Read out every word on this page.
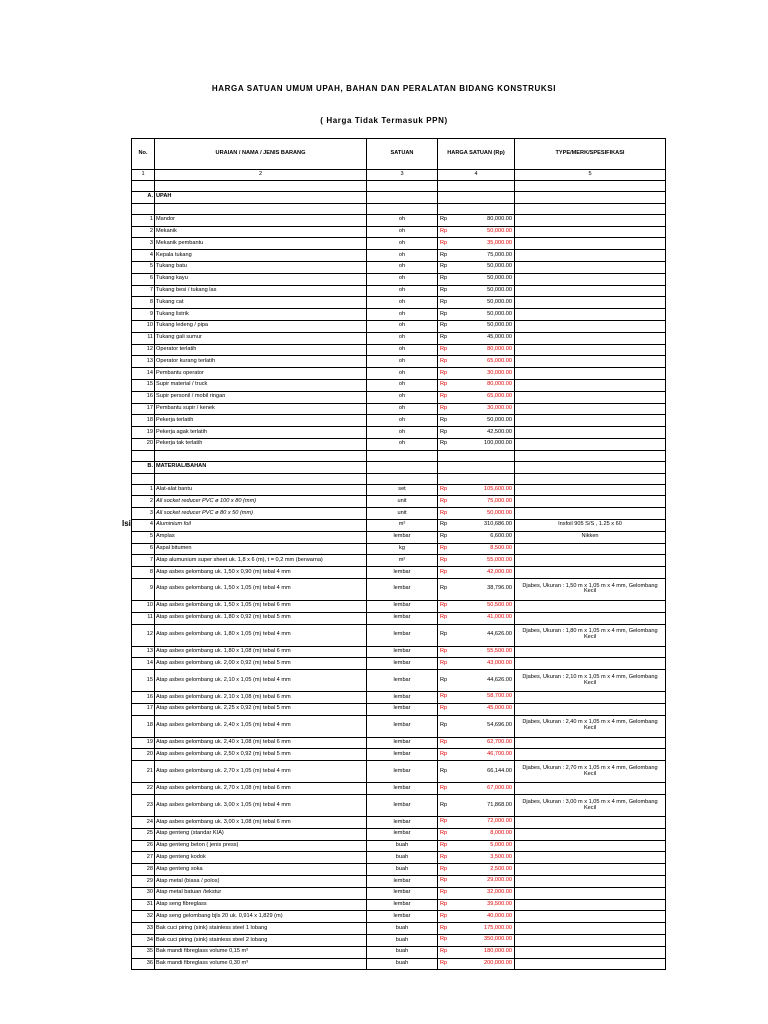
HARGA SATUAN UMUM UPAH, BAHAN DAN PERALATAN BIDANG KONSTRUKSI
( Harga Tidak Termasuk PPN)
Isi
No.	URAIAN / NAMA / JENIS BARANG	SATUAN	HARGA SATUAN (Rp)	TYPE/MERK/SPESIFIKASI
1	2	3	4	5

A.	UPAH			

1	Mandor	oh	Rp 80,000.00	

2	Mekanik	oh	Rp 50,000.00	

3	Mekanik pembantu	oh	Rp 35,000.00	

4	Kepala tukang	oh	Rp 75,000.00	

5	Tukang batu	oh	Rp 50,000.00	

6	Tukang kayu	oh	Rp 50,000.00	

7	Tukang besi / tukang las	oh	Rp 50,000.00	

8	Tukang cat	oh	Rp 50,000.00	

9	Tukang listrik	oh	Rp 50,000.00	

10	Tukang ledeng / pipa	oh	Rp 50,000.00	

11	Tukang gali sumur	oh	Rp 45,000.00	

12	Operator terlatih	oh	Rp 80,000.00	

13	Operator kurang terlatih	oh	Rp 65,000.00	

14	Pembantu operator	oh	Rp 30,000.00	

15	Supir material / truck	oh	Rp 80,000.00	

16	Supir personil / mobil ringan	oh	Rp 65,000.00	

17	Pembantu supir / kenek	oh	Rp 30,000.00	

18	Pekerja terlatih	oh	Rp 50,000.00	

19	Pekerja agak terlatih	oh	Rp 42,500.00	

20	Pekerja tak terlatih	oh	Rp 100,000.00	

B.	MATERIAL/BAHAN			

1	Alat-alat bantu	set	Rp 105,600.00	

2	All socket reducer PVC ø 100 x 80 (mm)	unit	Rp 75,000.00	

3	All socket reducer PVC ø 80 x 50 (mm)	unit	Rp 50,000.00	

4	Aluminium foil	m²	Rp 310,686.00	Insfoil 905 S/S , 1.25 x 60
5	Amplas	lembar	Rp 6,600.00	Nikken
6	Aspal bitumen	kg	Rp 8,500.00	

7	Atap alumunium super sheet uk. 1,8 x 6 (m), t = 0,2 mm (berwarna)	m²	Rp 55,000.00	

8	Atap asbes gelombang uk. 1,50 x 0,90 (m) tebal 4 mm	lembar	Rp 42,000.00	

9	Atap asbes gelombang uk. 1,50 x 1,05 (m) tebal 4 mm	lembar	Rp 38,796.00	Djabes, Ukuran : 1,50 m x 1,05 m x 4 mm, Gelombang Kecil
10	Atap asbes gelombang uk. 1,50 x 1,05 (m) tebal 6 mm	lembar	Rp 50,500.00	

11	Atap asbes gelombang uk. 1,80 x 0,92 (m) tebal 5 mm	lembar	Rp 41,000.00	

12	Atap asbes gelombang uk. 1,80 x 1,05 (m) tebal 4 mm	lembar	Rp 44,626.00	Djabes, Ukuran : 1,80 m x 1,05 m x 4 mm, Gelombang Kecil
13	Atap asbes gelombang uk. 1,80 x 1,08 (m) tebal 6 mm	lembar	Rp 55,500.00	

14	Atap asbes gelombang uk. 2,00 x 0,92 (m) tebal 5 mm	lembar	Rp 43,000.00	

15	Atap asbes gelombang uk. 2,10 x 1,05 (m) tebal 4 mm	lembar	Rp 44,626.00	Djabes, Ukuran : 2,10 m x 1,05 m x 4 mm, Gelombang Kecil
16	Atap asbes gelombang uk. 2,10 x 1,08 (m) tebal 6 mm	lembar	Rp 58,700.00	

17	Atap asbes gelombang uk. 2,25 x 0,92 (m) tebal 5 mm	lembar	Rp 45,000.00	

18	Atap asbes gelombang uk. 2,40 x 1,05 (m) tebal 4 mm	lembar	Rp 54,696.00	Djabes, Ukuran : 2,40 m x 1,05 m x 4 mm, Gelombang Kecil
19	Atap asbes gelombang uk. 2,40 x 1,08 (m) tebal 6 mm	lembar	Rp 62,700.00	

20	Atap asbes gelombang uk. 2,50 x 0,92 (m) tebal 5 mm	lembar	Rp 46,700.00	

21	Atap asbes gelombang uk. 2,70 x 1,05 (m) tebal 4 mm	lembar	Rp 66,144.00	Djabes, Ukuran : 2,70 m x 1,05 m x 4 mm, Gelombang Kecil
22	Atap asbes gelombang uk. 2,70 x 1,08 (m) tebal 6 mm	lembar	Rp 67,000.00	

23	Atap asbes gelombang uk. 3,00 x 1,05 (m) tebal 4 mm	lembar	Rp 71,868.00	Djabes, Ukuran : 3,00 m x 1,05 m x 4 mm, Gelombang Kecil
24	Atap asbes gelombang uk. 3,00 x 1,08 (m) tebal 6 mm	lembar	Rp 72,000.00	

25	Atap genteng (standar KIA)	lembar	Rp 8,000.00	

26	Atap genteng beton ( jenis press)	buah	Rp 5,000.00	

27	Atap genteng kodok	buah	Rp 3,500.00	

28	Atap genteng soka	buah	Rp 2,500.00	

29	Atap metal (biasa / polos)	lembar	Rp 29,000.00	

30	Atap metal batuan /tekstur	lembar	Rp 32,000.00	

31	Atap seng fibreglass	lembar	Rp 39,500.00	

32	Atap seng gelombang bjls 20 uk. 0,914 x 1,829 (m)	lembar	Rp 40,000.00	

33	Bak cuci piring (sink) stainless steel 1 lobang	buah	Rp 175,000.00	

34	Bak cuci piring (sink) stainless steel 2 lobang	buah	Rp 350,000.00	

35	Bak mandi fibreglass volume 0,15 m³	buah	Rp 180,000.00	

36	Bak mandi fibreglass volume 0,30 m³	buah	Rp 200,000.00	
